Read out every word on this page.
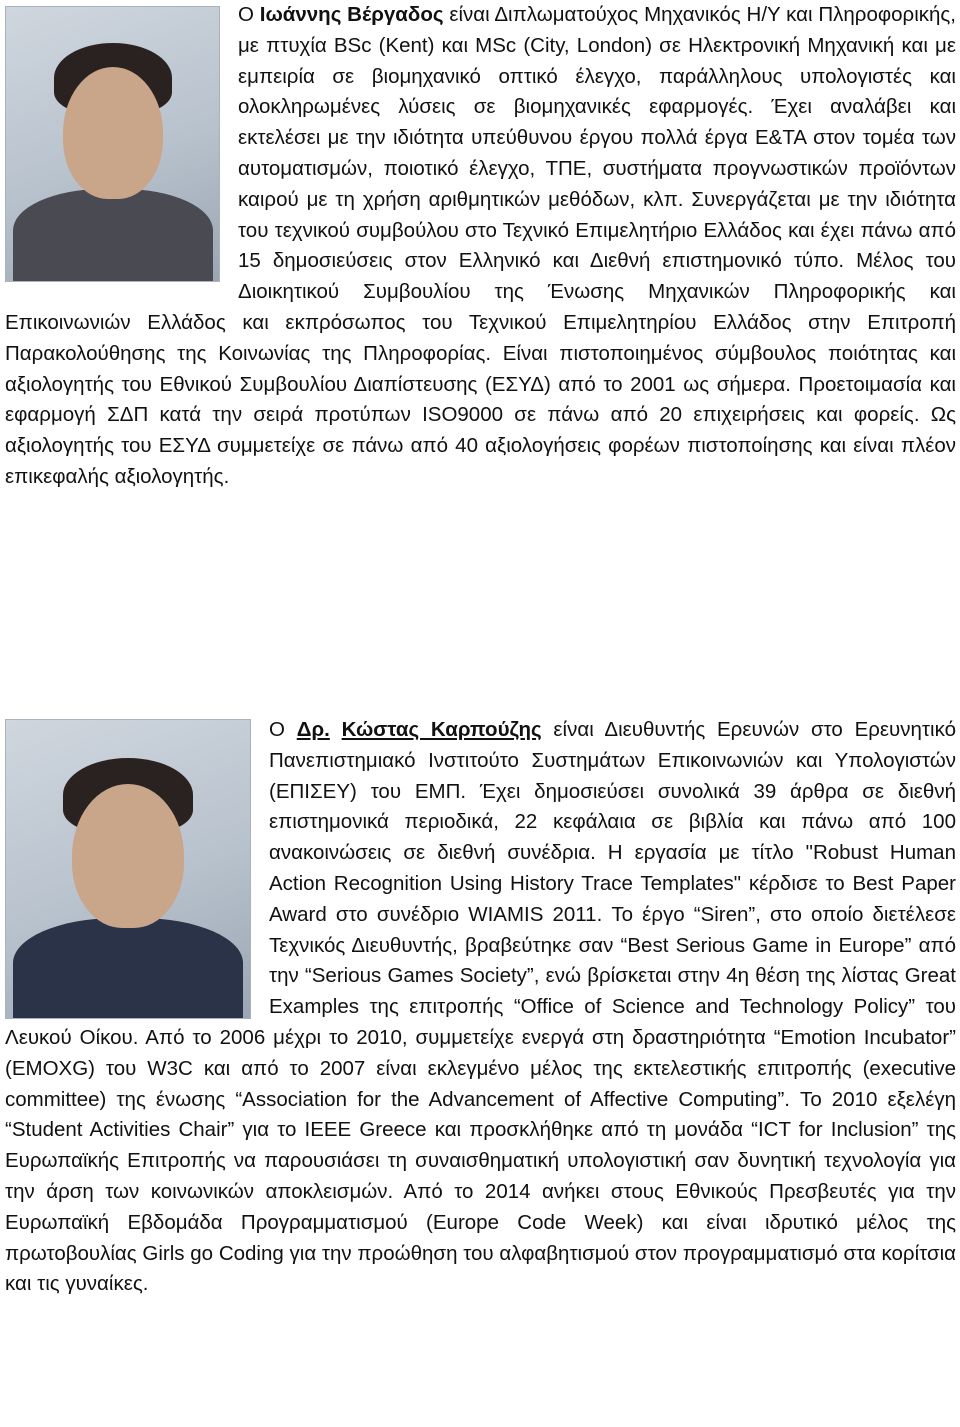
Ο Ιωάννης Βέργαδος είναι Διπλωματούχος Μηχανικός Η/Υ και Πληροφορικής, με πτυχία BSc (Kent) και MSc (City, London) σε Ηλεκτρονική Μηχανική και με εμπειρία σε βιομηχανικό οπτικό έλεγχο, παράλληλους υπολογιστές και ολοκληρωμένες λύσεις σε βιομηχανικές εφαρμογές. Έχει αναλάβει και εκτελέσει με την ιδιότητα υπεύθυνου έργου πολλά έργα Ε&ΤΑ στον τομέα των αυτοματισμών, ποιοτικό έλεγχο, ΤΠΕ, συστήματα προγνωστικών προϊόντων καιρού με τη χρήση αριθμητικών μεθόδων, κλπ. Συνεργάζεται με την ιδιότητα του τεχνικού συμβούλου στο Τεχνικό Επιμελητήριο Ελλάδος και έχει πάνω από 15 δημοσιεύσεις στον Ελληνικό και Διεθνή επιστημονικό τύπο. Μέλος του Διοικητικού Συμβουλίου της Ένωσης Μηχανικών Πληροφορικής και Επικοινωνιών Ελλάδος και εκπρόσωπος του Τεχνικού Επιμελητηρίου Ελλάδος στην Επιτροπή Παρακολούθησης της Κοινωνίας της Πληροφορίας. Είναι πιστοποιημένος σύμβουλος ποιότητας και αξιολογητής του Εθνικού Συμβουλίου Διαπίστευσης (ΕΣΥΔ) από το 2001 ως σήμερα. Προετοιμασία και εφαρμογή ΣΔΠ κατά την σειρά προτύπων ISO9000 σε πάνω από 20 επιχειρήσεις και φορείς. Ως αξιολογητής του ΕΣΥΔ συμμετείχε σε πάνω από 40 αξιολογήσεις φορέων πιστοποίησης και είναι πλέον επικεφαλής αξιολογητής.
Ο Δρ. Κώστας Καρπούζης είναι Διευθυντής Ερευνών στο Ερευνητικό Πανεπιστημιακό Ινστιτούτο Συστημάτων Επικοινωνιών και Υπολογιστών (ΕΠΙΣΕΥ) του ΕΜΠ. Έχει δημοσιεύσει συνολικά 39 άρθρα σε διεθνή επιστημονικά περιοδικά, 22 κεφάλαια σε βιβλία και πάνω από 100 ανακοινώσεις σε διεθνή συνέδρια. Η εργασία με τίτλο "Robust Human Action Recognition Using History Trace Templates" κέρδισε το Best Paper Award στο συνέδριο WIAMIS 2011. Το έργο “Siren”, στο οποίο διετέλεσε Τεχνικός Διευθυντής, βραβεύτηκε σαν “Best Serious Game in Europe” από την “Serious Games Society”, ενώ βρίσκεται στην 4η θέση της λίστας Great Examples της επιτροπής “Office of Science and Technology Policy” του Λευκού Οίκου. Από το 2006 μέχρι το 2010, συμμετείχε ενεργά στη δραστηριότητα “Emotion Incubator” (EMOXG) του W3C και από το 2007 είναι εκλεγμένο μέλος της εκτελεστικής επιτροπής (executive committee) της ένωσης “Association for the Advancement of Affective Computing”. Το 2010 εξελέγη “Student Activities Chair” για το IEEE Greece και προσκλήθηκε από τη μονάδα “ICT for Inclusion” της Ευρωπαϊκής Επιτροπής να παρουσιάσει τη συναισθηματική υπολογιστική σαν δυνητική τεχνολογία για την άρση των κοινωνικών αποκλεισμών. Από το 2014 ανήκει στους Εθνικούς Πρεσβευτές για την Ευρωπαϊκή Εβδομάδα Προγραμματισμού (Europe Code Week) και είναι ιδρυτικό μέλος της πρωτοβουλίας Girls go Coding για την προώθηση του αλφαβητισμού στον προγραμματισμό στα κορίτσια και τις γυναίκες.
